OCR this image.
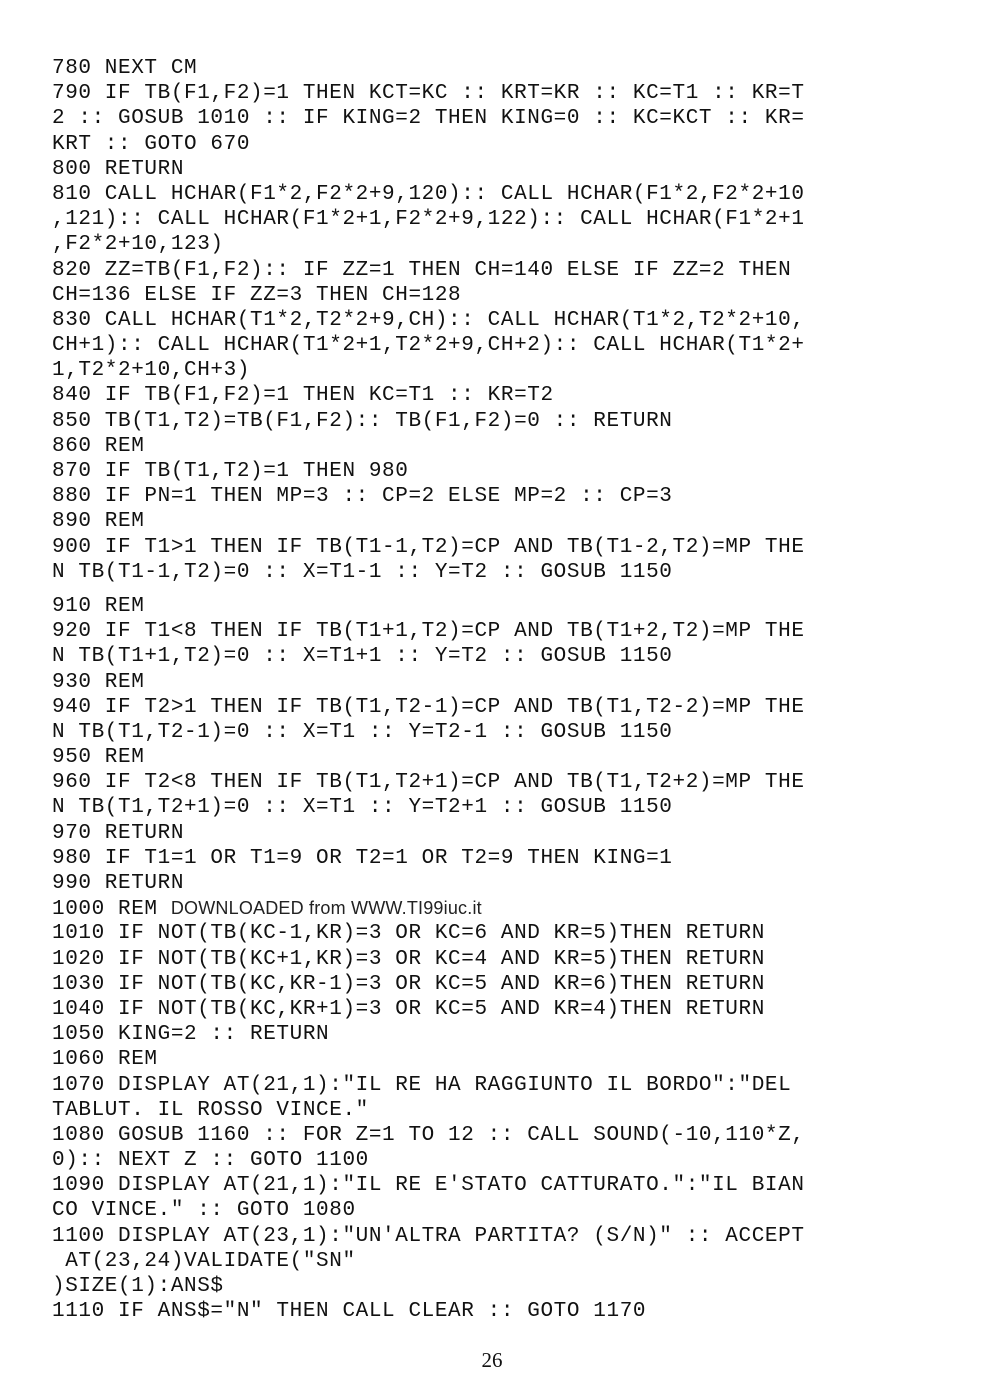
780 NEXT CM
790 IF TB(F1,F2)=1 THEN KCT=KC :: KRT=KR :: KC=T1 :: KR=T
2 :: GOSUB 1010 :: IF KING=2 THEN KING=0 :: KC=KCT :: KR=
KRT :: GOTO 670
800 RETURN
810 CALL HCHAR(F1*2,F2*2+9,120):: CALL HCHAR(F1*2,F2*2+10
,121):: CALL HCHAR(F1*2+1,F2*2+9,122):: CALL HCHAR(F1*2+1
,F2*2+10,123)
820 ZZ=TB(F1,F2):: IF ZZ=1 THEN CH=140 ELSE IF ZZ=2 THEN
CH=136 ELSE IF ZZ=3 THEN CH=128
830 CALL HCHAR(T1*2,T2*2+9,CH):: CALL HCHAR(T1*2,T2*2+10,
CH+1):: CALL HCHAR(T1*2+1,T2*2+9,CH+2):: CALL HCHAR(T1*2+
1,T2*2+10,CH+3)
840 IF TB(F1,F2)=1 THEN KC=T1 :: KR=T2
850 TB(T1,T2)=TB(F1,F2):: TB(F1,F2)=0 :: RETURN
860 REM
870 IF TB(T1,T2)=1 THEN 980
880 IF PN=1 THEN MP=3 :: CP=2 ELSE MP=2 :: CP=3
890 REM
900 IF T1>1 THEN IF TB(T1-1,T2)=CP AND TB(T1-2,T2)=MP THE
N TB(T1-1,T2)=0 :: X=T1-1 :: Y=T2 :: GOSUB 1150
910 REM
920 IF T1<8 THEN IF TB(T1+1,T2)=CP AND TB(T1+2,T2)=MP THE
N TB(T1+1,T2)=0 :: X=T1+1 :: Y=T2 :: GOSUB 1150
930 REM
940 IF T2>1 THEN IF TB(T1,T2-1)=CP AND TB(T1,T2-2)=MP THE
N TB(T1,T2-1)=0 :: X=T1 :: Y=T2-1 :: GOSUB 1150
950 REM
960 IF T2<8 THEN IF TB(T1,T2+1)=CP AND TB(T1,T2+2)=MP THE
N TB(T1,T2+1)=0 :: X=T1 :: Y=T2+1 :: GOSUB 1150
970 RETURN
980 IF T1=1 OR T1=9 OR T2=1 OR T2=9 THEN KING=1
990 RETURN
1000 REM DOWNLOADED from WWW.TI99iuc.it
1010 IF NOT(TB(KC-1,KR)=3 OR KC=6 AND KR=5)THEN RETURN
1020 IF NOT(TB(KC+1,KR)=3 OR KC=4 AND KR=5)THEN RETURN
1030 IF NOT(TB(KC,KR-1)=3 OR KC=5 AND KR=6)THEN RETURN
1040 IF NOT(TB(KC,KR+1)=3 OR KC=5 AND KR=4)THEN RETURN
1050 KING=2 :: RETURN
1060 REM
1070 DISPLAY AT(21,1):"IL RE HA RAGGIUNTO IL BORDO":"DEL
TABLUT. IL ROSSO VINCE."
1080 GOSUB 1160 :: FOR Z=1 TO 12 :: CALL SOUND(-10,110*Z,
0):: NEXT Z :: GOTO 1100
1090 DISPLAY AT(21,1):"IL RE E'STATO CATTURATO.":"IL BIAN
CO VINCE." :: GOTO 1080
1100 DISPLAY AT(23,1):"UN'ALTRA PARTITA? (S/N)" :: ACCEPT
AT(23,24)VALIDATE("SN"
)SIZE(1):ANS$
1110 IF ANS$="N" THEN CALL CLEAR :: GOTO 1170
26
